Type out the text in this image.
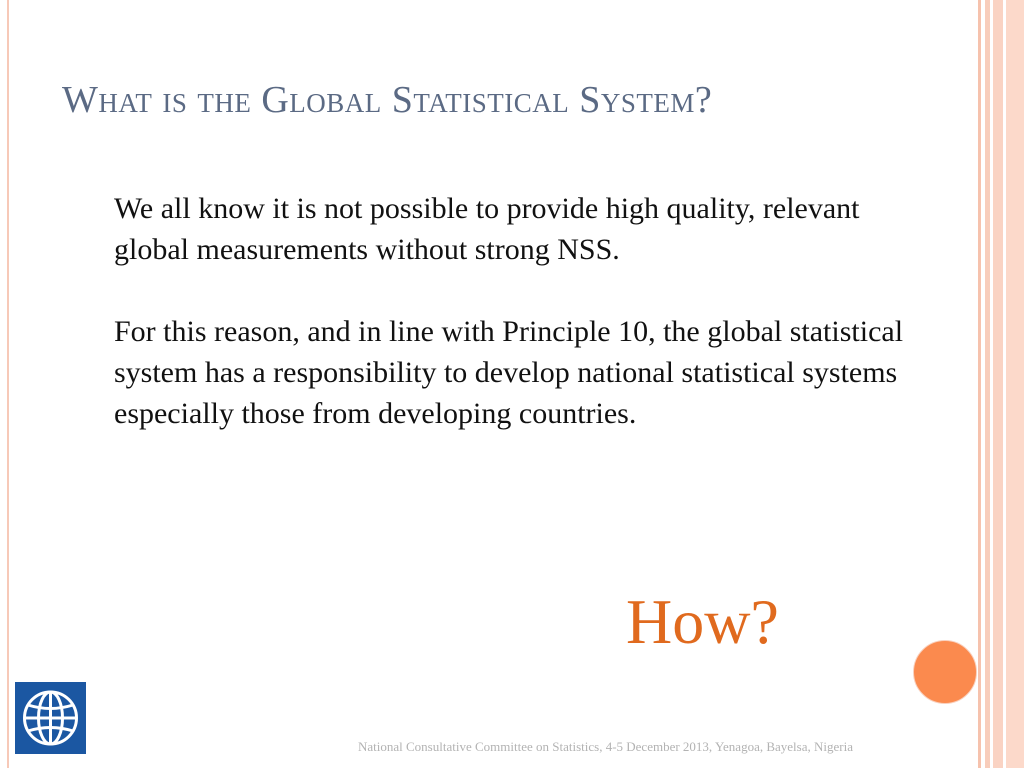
What is the Global Statistical System?

We all know it is not possible to provide high quality, relevant global measurements without strong NSS.

For this reason, and in line with Principle 10, the global statistical system has a responsibility to develop national statistical systems especially those from developing countries.

How?
National Consultative Committee on Statistics, 4-5 December 2013, Yenagoa, Bayelsa, Nigeria
